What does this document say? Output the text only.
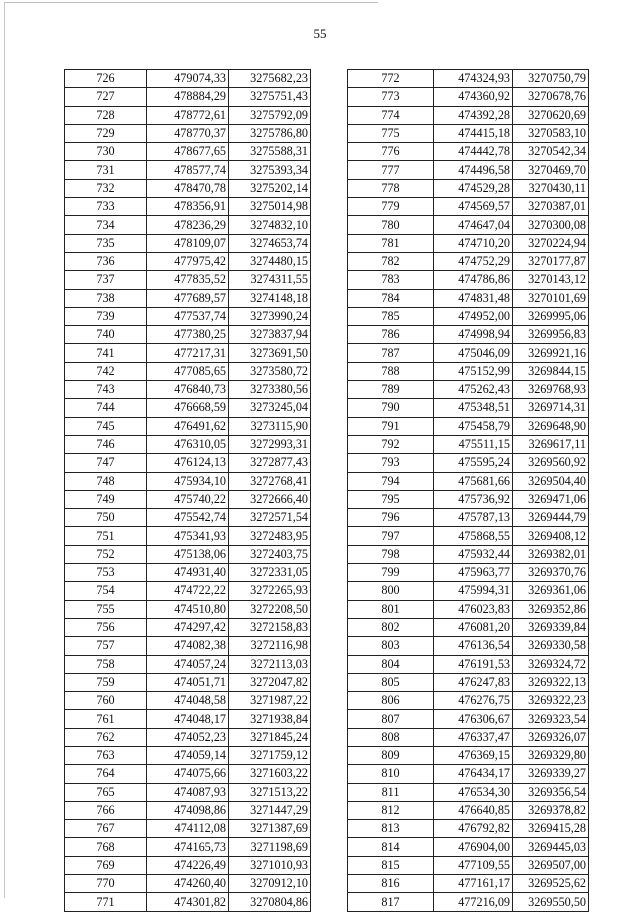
55
726	479074,33	3275682,23
727	478884,29	3275751,43
728	478772,61	3275792,09
729	478770,37	3275786,80
730	478677,65	3275588,31
731	478577,74	3275393,34
732	478470,78	3275202,14
733	478356,91	3275014,98
734	478236,29	3274832,10
735	478109,07	3274653,74
736	477975,42	3274480,15
737	477835,52	3274311,55
738	477689,57	3274148,18
739	477537,74	3273990,24
740	477380,25	3273837,94
741	477217,31	3273691,50
742	477085,65	3273580,72
743	476840,73	3273380,56
744	476668,59	3273245,04
745	476491,62	3273115,90
746	476310,05	3272993,31
747	476124,13	3272877,43
748	475934,10	3272768,41
749	475740,22	3272666,40
750	475542,74	3272571,54
751	475341,93	3272483,95
752	475138,06	3272403,75
753	474931,40	3272331,05
754	474722,22	3272265,93
755	474510,80	3272208,50
756	474297,42	3272158,83
757	474082,38	3272116,98
758	474057,24	3272113,03
759	474051,71	3272047,82
760	474048,58	3271987,22
761	474048,17	3271938,84
762	474052,23	3271845,24
763	474059,14	3271759,12
764	474075,66	3271603,22
765	474087,93	3271513,22
766	474098,86	3271447,29
767	474112,08	3271387,69
768	474165,73	3271198,69
769	474226,49	3271010,93
770	474260,40	3270912,10
771	474301,82	3270804,86
772	474324,93	3270750,79
773	474360,92	3270678,76
774	474392,28	3270620,69
775	474415,18	3270583,10
776	474442,78	3270542,34
777	474496,58	3270469,70
778	474529,28	3270430,11
779	474569,57	3270387,01
780	474647,04	3270300,08
781	474710,20	3270224,94
782	474752,29	3270177,87
783	474786,86	3270143,12
784	474831,48	3270101,69
785	474952,00	3269995,06
786	474998,94	3269956,83
787	475046,09	3269921,16
788	475152,99	3269844,15
789	475262,43	3269768,93
790	475348,51	3269714,31
791	475458,79	3269648,90
792	475511,15	3269617,11
793	475595,24	3269560,92
794	475681,66	3269504,40
795	475736,92	3269471,06
796	475787,13	3269444,79
797	475868,55	3269408,12
798	475932,44	3269382,01
799	475963,77	3269370,76
800	475994,31	3269361,06
801	476023,83	3269352,86
802	476081,20	3269339,84
803	476136,54	3269330,58
804	476191,53	3269324,72
805	476247,83	3269322,13
806	476276,75	3269322,23
807	476306,67	3269323,54
808	476337,47	3269326,07
809	476369,15	3269329,80
810	476434,17	3269339,27
811	476534,30	3269356,54
812	476640,85	3269378,82
813	476792,82	3269415,28
814	476904,00	3269445,03
815	477109,55	3269507,00
816	477161,17	3269525,62
817	477216,09	3269550,50
